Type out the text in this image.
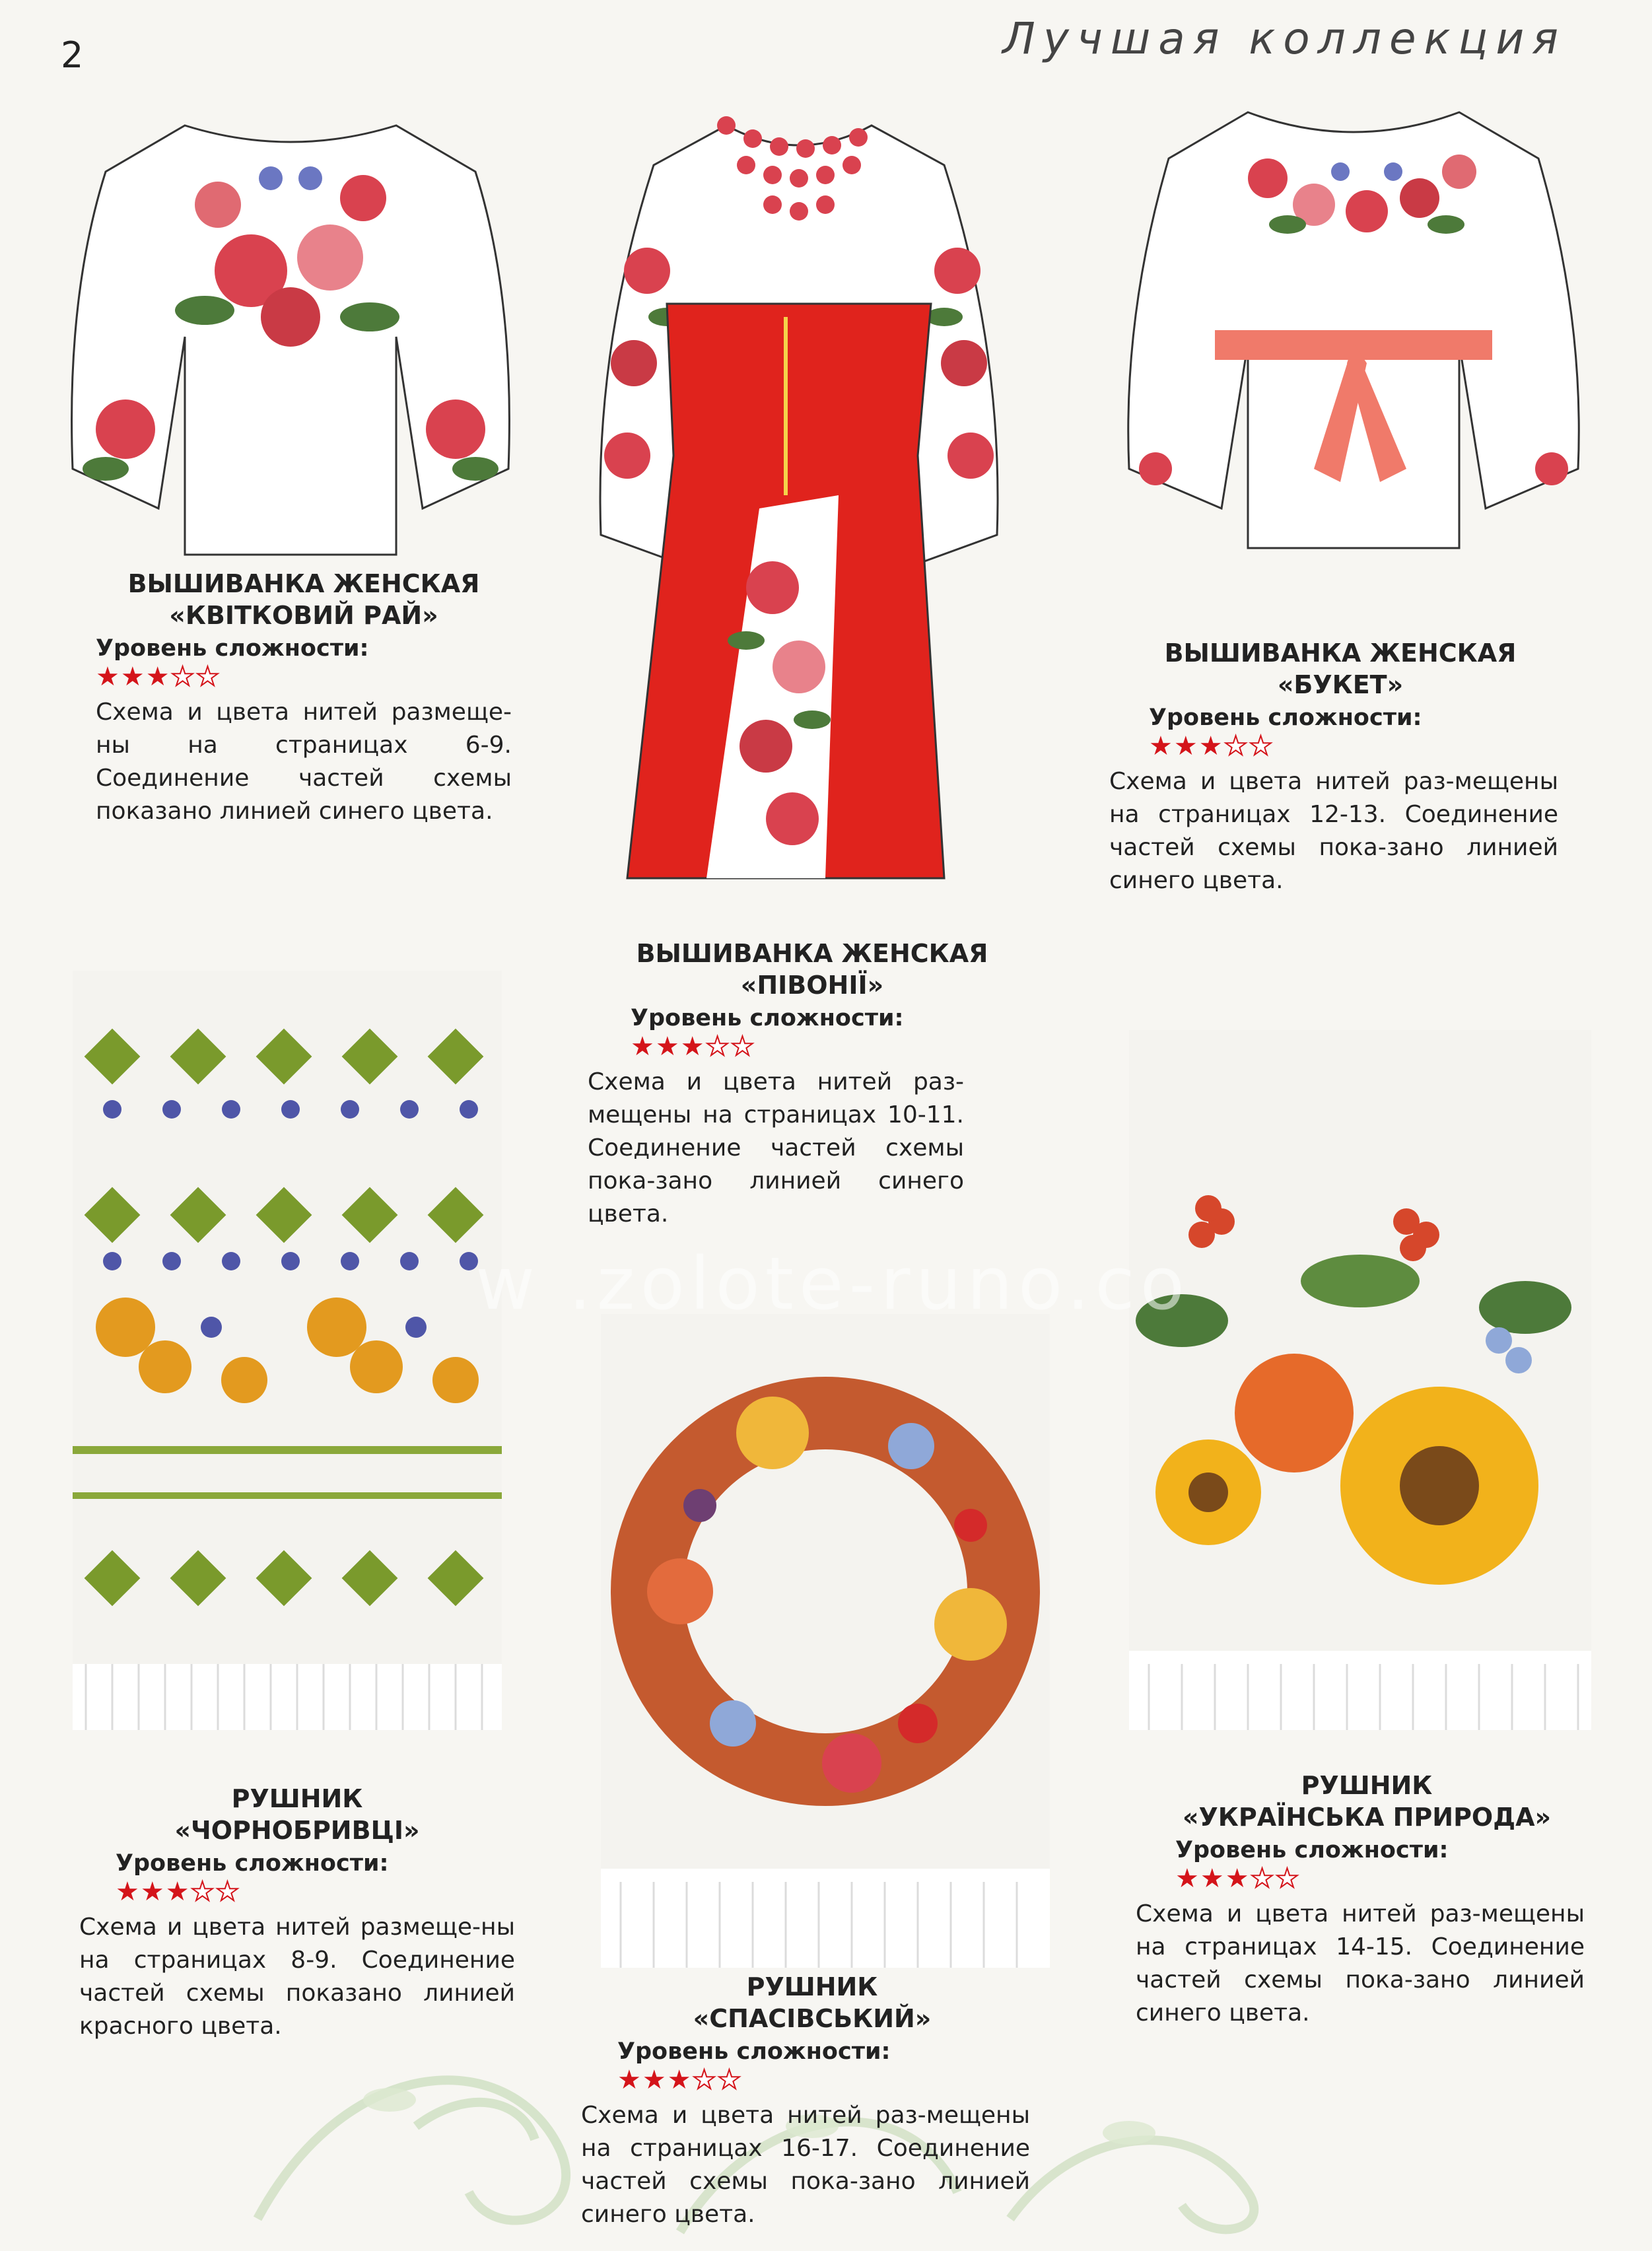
2	Лучшая коллекция
w .zolote-runo.co
ВЫШИВАНКА ЖЕНСКАЯ
«КВІТКОВИЙ РАЙ»
Уровень сложности:
★★★★★
Схема и цвета нитей размеще-ны на страницах 6-9. Соединение частей схемы показано линией синего цвета.
ВЫШИВАНКА ЖЕНСКАЯ
«ПІВОНІЇ»
Уровень сложности:
★★★★★
Схема и цвета нитей раз-мещены на страницах 10-11. Соединение частей схемы пока-зано линией синего цвета.
ВЫШИВАНКА ЖЕНСКАЯ
«БУКЕТ»
Уровень сложности:
★★★★★
Схема и цвета нитей раз-мещены на страницах 12-13. Соединение частей схемы пока-зано линией синего цвета.
РУШНИК
«ЧОРНОБРИВЦІ»
Уровень сложности:
★★★★★
Схема и цвета нитей размеще-ны на страницах 8-9. Соединение частей схемы показано линией красного цвета.
РУШНИК
«СПАСІВСЬКИЙ»
Уровень сложности:
★★★★★
Схема и цвета нитей раз-мещены на страницах 16-17. Соединение частей схемы пока-зано линией синего цвета.
РУШНИК
«УКРАЇНСЬКА ПРИРОДА»
Уровень сложности:
★★★★★
Схема и цвета нитей раз-мещены на страницах 14-15. Соединение частей схемы пока-зано линией синего цвета.
